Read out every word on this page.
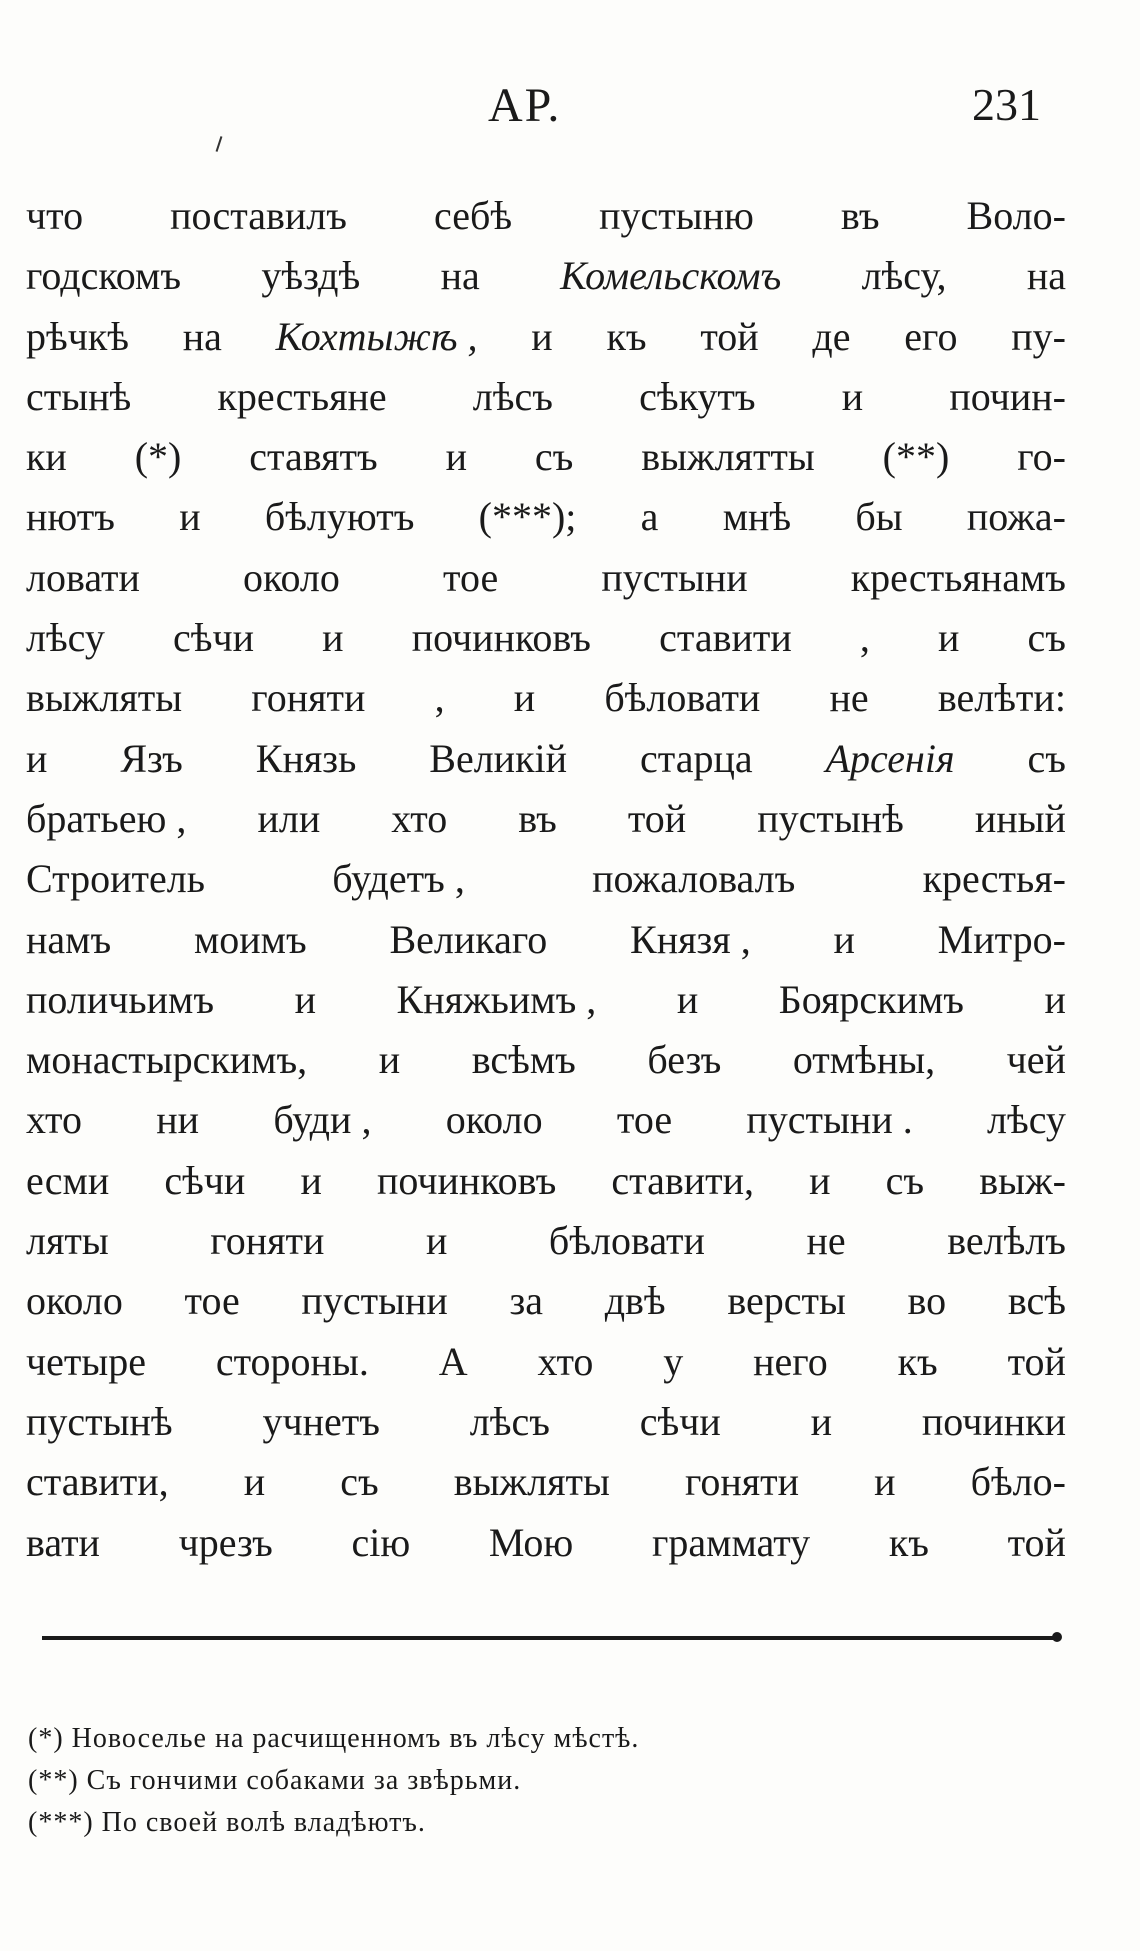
АР.	231
что поставилъ себѣ пустыню въ Воло-
годскомъ уѣздѣ на Комельскомъ лѣсу, на
рѣчкѣ на Кохтыжѣ , и къ той де его пу-
стынѣ крестьяне лѣсъ сѣкутъ и почин-
ки (*) ставятъ и съ выжлятты (**) го-
нютъ и бѣлуютъ (***); а мнѣ бы пожа-
ловати	около	тое	пустыни	крестьянамъ
лѣсу сѣчи и починковъ ставити , и съ
выжляты гоняти , и бѣловати не велѣти:
и Язъ Князь Великій старца Арсенія съ
братьею , или хто въ той пустынѣ иный
Строитель	будетъ ,	пожаловалъ	крестья-
намъ моимъ Великаго Князя , и Митро-
поличьимъ и Княжьимъ , и Боярскимъ и
монастырскимъ, и всѣмъ безъ отмѣны, чей
хто ни буди , около тое пустыни . лѣсу
есми сѣчи и починковъ ставити, и съ выж-
ляты	гоняти	и	бѣловати	не	велѣлъ
около тое пустыни за двѣ версты во всѣ
четыре стороны. А хто у него къ той
пустынѣ учнетъ лѣсъ сѣчи и починки
ставити, и съ выжляты гоняти и бѣло-
вати чрезъ сію Мою граммату къ той
(*) Новоселье на расчищенномъ въ лѣсу мѣстѣ.
(**) Съ гончими собаками за звѣрьми.
(***) По своей волѣ владѣютъ.
